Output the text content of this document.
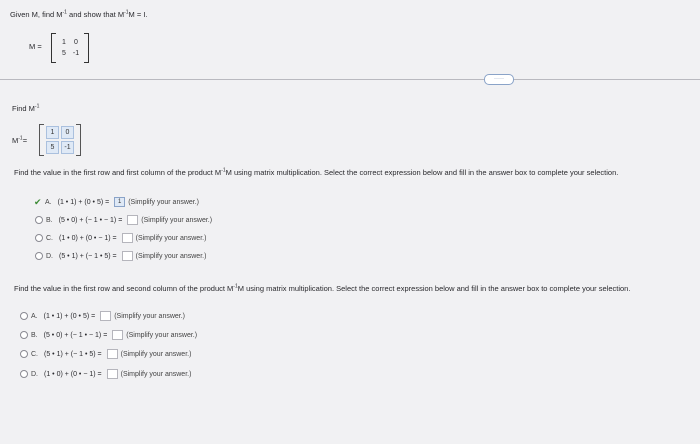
Given M, find $M^{-1}$ and show that $M^{-1}M = I$.
M =	1	0
5 -1
·····
Find $M^{-1}$
$M^{-1}=$
1	0
5	-1
Find the value in the first row and first column of the product $M^{-1}M$ using matrix multiplication. Select the correct expression below and fill in the answer box to complete your selection.
✔ A. (1 • 1) + (0 • 5) =	1 (Simplify your answer.)
B. (5 • 0) + (− 1 • − 1) =	(Simplify your answer.)
C. (1 • 0) + (0 • − 1) =	(Simplify your answer.)
D. (5 • 1) + (− 1 • 5) =	(Simplify your answer.)
Find the value in the first row and second column of the product $M^{-1}M$ using matrix multiplication. Select the correct expression below and fill in the answer box to complete your selection.
A. (1 • 1) + (0 • 5) =	(Simplify your answer.)
B. (5 • 0) + (− 1 • − 1) =	(Simplify your answer.)
C. (5 • 1) + (− 1 • 5) =	(Simplify your answer.)
D. (1 • 0) + (0 • − 1) =	(Simplify your answer.)
